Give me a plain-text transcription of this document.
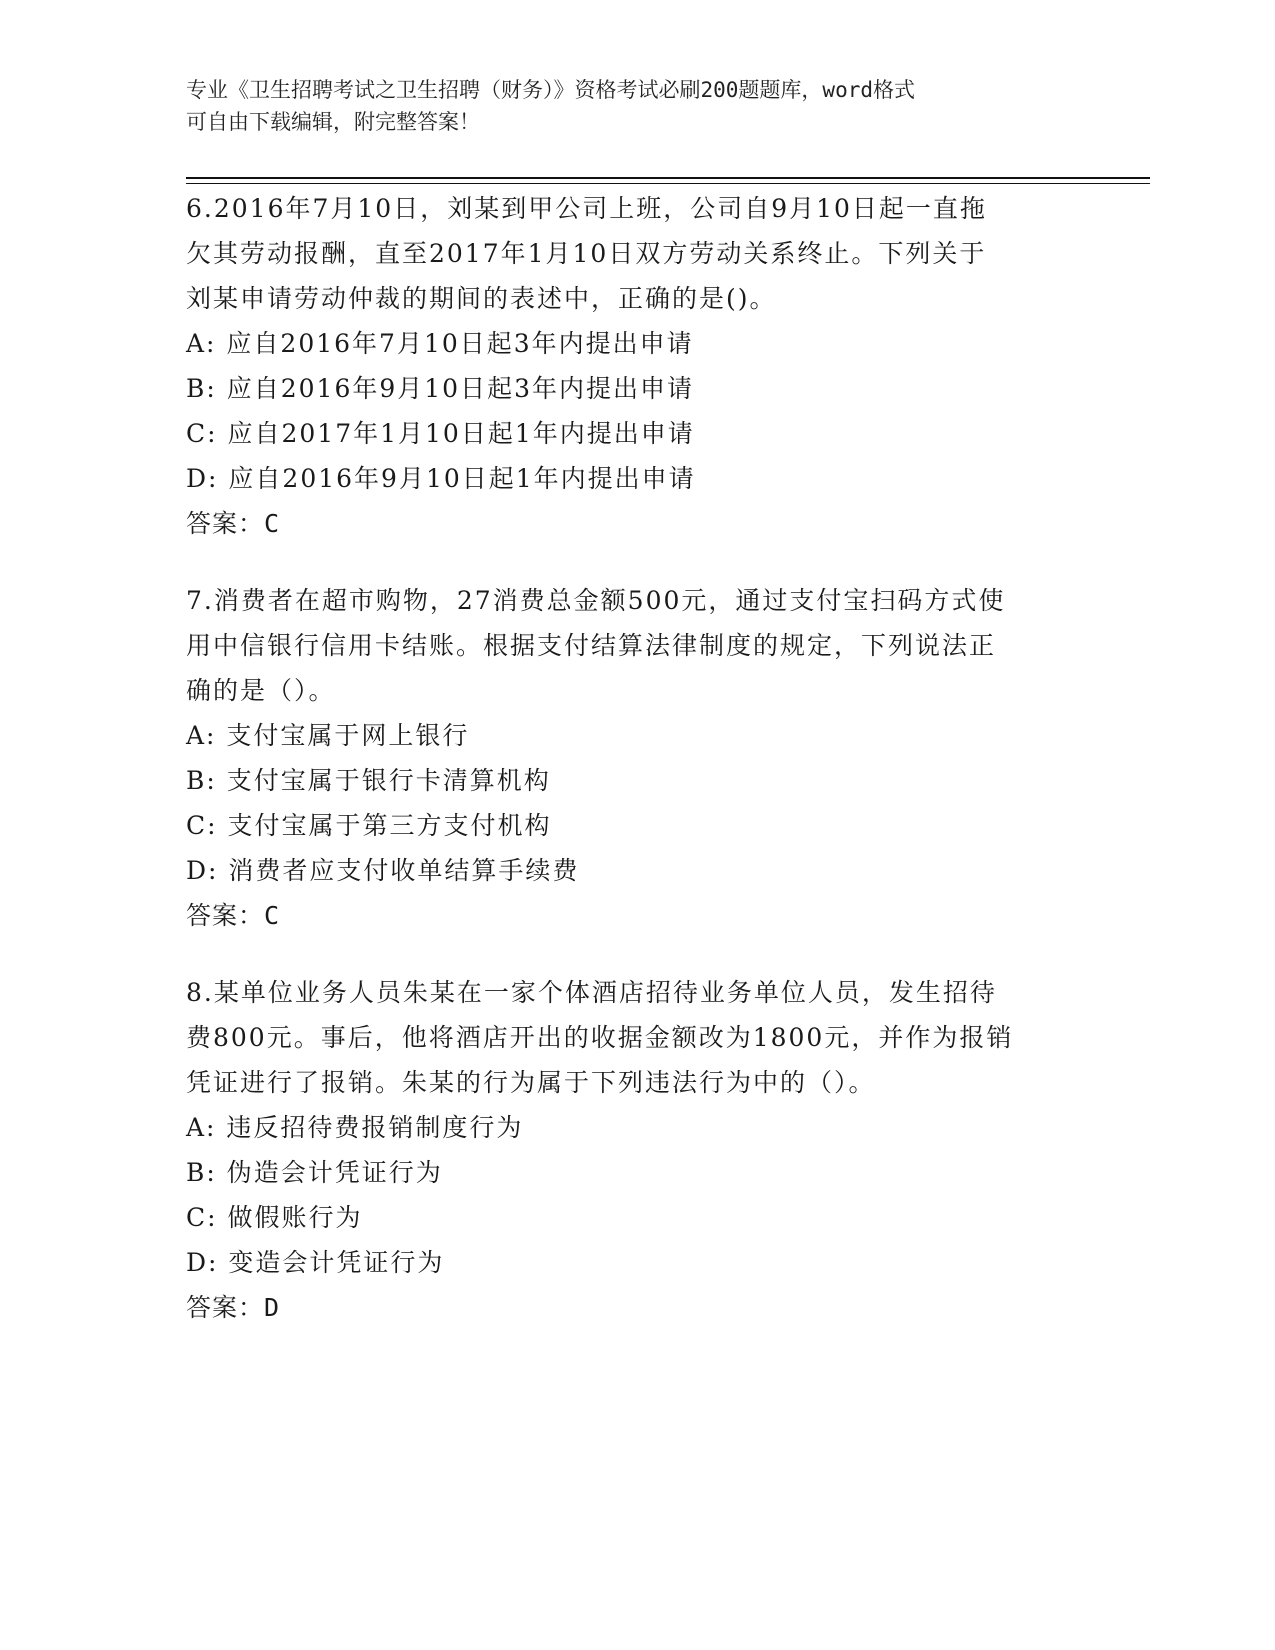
专业《卫生招聘考试之卫生招聘（财务）》资格考试必刷200题题库，word格式
可自由下载编辑，附完整答案！
6.2016年7月10日，刘某到甲公司上班，公司自9月10日起一直拖
欠其劳动报酬，直至2017年1月10日双方劳动关系终止。下列关于
刘某申请劳动仲裁的期间的表述中，正确的是()。
A: 应自2016年7月10日起3年内提出申请
B: 应自2016年9月10日起3年内提出申请
C: 应自2017年1月10日起1年内提出申请
D: 应自2016年9月10日起1年内提出申请
答案：C
7.消费者在超市购物，27消费总金额500元，通过支付宝扫码方式使
用中信银行信用卡结账。根据支付结算法律制度的规定，下列说法正
确的是（）。
A: 支付宝属于网上银行
B: 支付宝属于银行卡清算机构
C: 支付宝属于第三方支付机构
D: 消费者应支付收单结算手续费
答案：C
8.某单位业务人员朱某在一家个体酒店招待业务单位人员，发生招待
费800元。事后，他将酒店开出的收据金额改为1800元，并作为报销
凭证进行了报销。朱某的行为属于下列违法行为中的（）。
A: 违反招待费报销制度行为
B: 伪造会计凭证行为
C: 做假账行为
D: 变造会计凭证行为
答案：D
